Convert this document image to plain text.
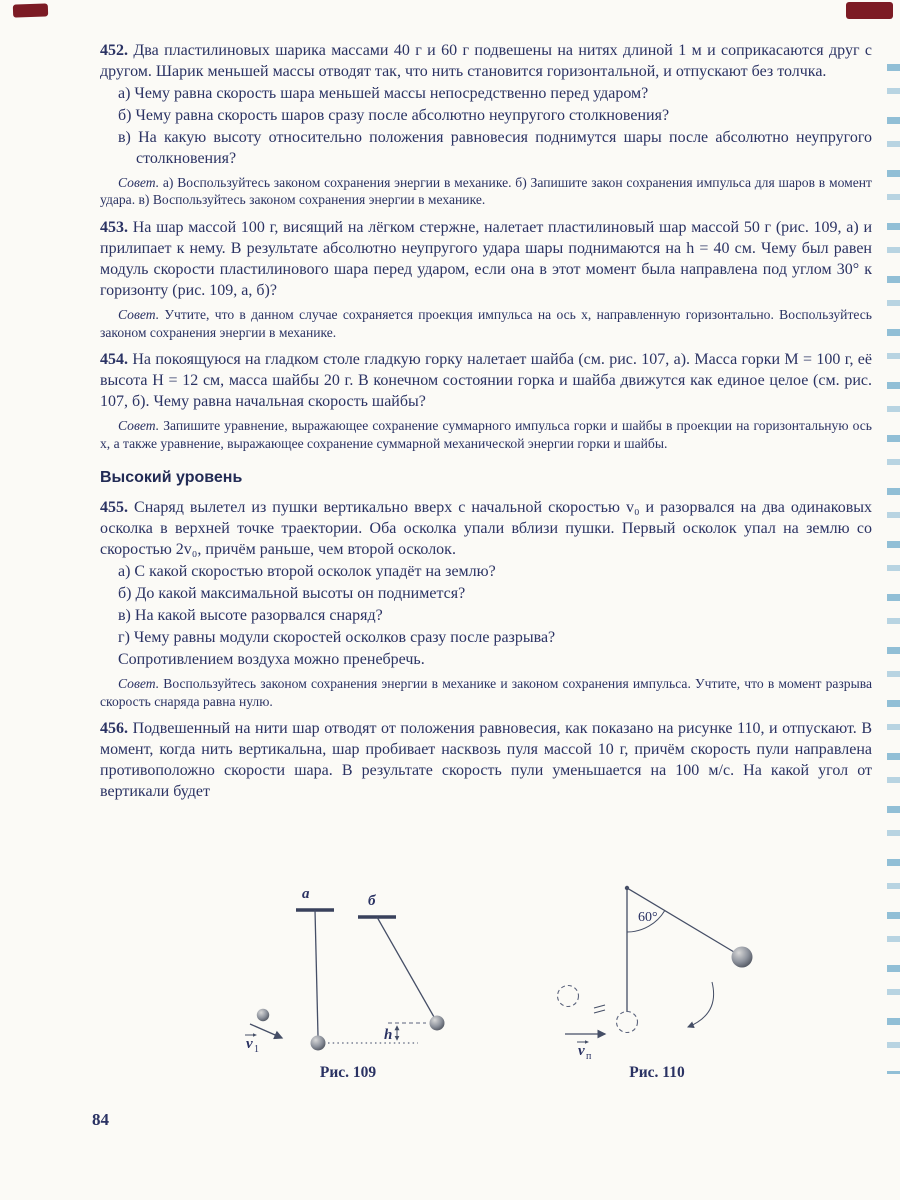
452. Два пластилиновых шарика массами 40 г и 60 г подвешены на нитях длиной 1 м и соприкасаются друг с другом. Шарик меньшей массы отводят так, что нить становится горизонтальной, и отпускают без толчка.

а) Чему равна скорость шара меньшей массы непосредственно перед ударом?

б) Чему равна скорость шаров сразу после абсолютно неупругого столкновения?

в) На какую высоту относительно положения равновесия поднимутся шары после абсолютно неупругого столкновения?

Совет. а) Воспользуйтесь законом сохранения энергии в механике. б) Запишите закон сохранения импульса для шаров в момент удара. в) Воспользуйтесь законом сохранения энергии в механике.

453. На шар массой 100 г, висящий на лёгком стержне, налетает пластилиновый шар массой 50 г (рис. 109, а) и прилипает к нему. В результате абсолютно неупругого удара шары поднимаются на h = 40 см. Чему был равен модуль скорости пластилинового шара перед ударом, если она в этот момент была направлена под углом 30° к горизонту (рис. 109, а, б)?

Совет. Учтите, что в данном случае сохраняется проекция импульса на ось x, направленную горизонтально. Воспользуйтесь законом сохранения энергии в механике.

454. На покоящуюся на гладком столе гладкую горку налетает шайба (см. рис. 107, а). Масса горки M = 100 г, её высота H = 12 см, масса шайбы 20 г. В конечном состоянии горка и шайба движутся как единое целое (см. рис. 107, б). Чему равна начальная скорость шайбы?

Совет. Запишите уравнение, выражающее сохранение суммарного импульса горки и шайбы в проекции на горизонтальную ось x, а также уравнение, выражающее сохранение суммарной механической энергии горки и шайбы.

Высокий уровень

455. Снаряд вылетел из пушки вертикально вверх с начальной скоростью v₀ и разорвался на два одинаковых осколка в верхней точке траектории. Оба осколка упали вблизи пушки. Первый осколок упал на землю со скоростью 2v₀, причём раньше, чем второй осколок.

а) С какой скоростью второй осколок упадёт на землю?

б) До какой максимальной высоты он поднимется?

в) На какой высоте разорвался снаряд?

г) Чему равны модули скоростей осколков сразу после разрыва?

Сопротивлением воздуха можно пренебречь.

Совет. Воспользуйтесь законом сохранения энергии в механике и законом сохранения импульса. Учтите, что в момент разрыва скорость снаряда равна нулю.

456. Подвешенный на нити шар отводят от положения равновесия, как показано на рисунке 110, и отпускают. В момент, когда нить вертикальна, шар пробивает насквозь пуля массой 10 г, причём скорость пули направлена противоположно скорости шара. В результате скорость пули уменьшается на 100 м/с. На какой угол от вертикали будет

а
v 1
б
h
Рис. 109
60°
v п
Рис. 110
84
